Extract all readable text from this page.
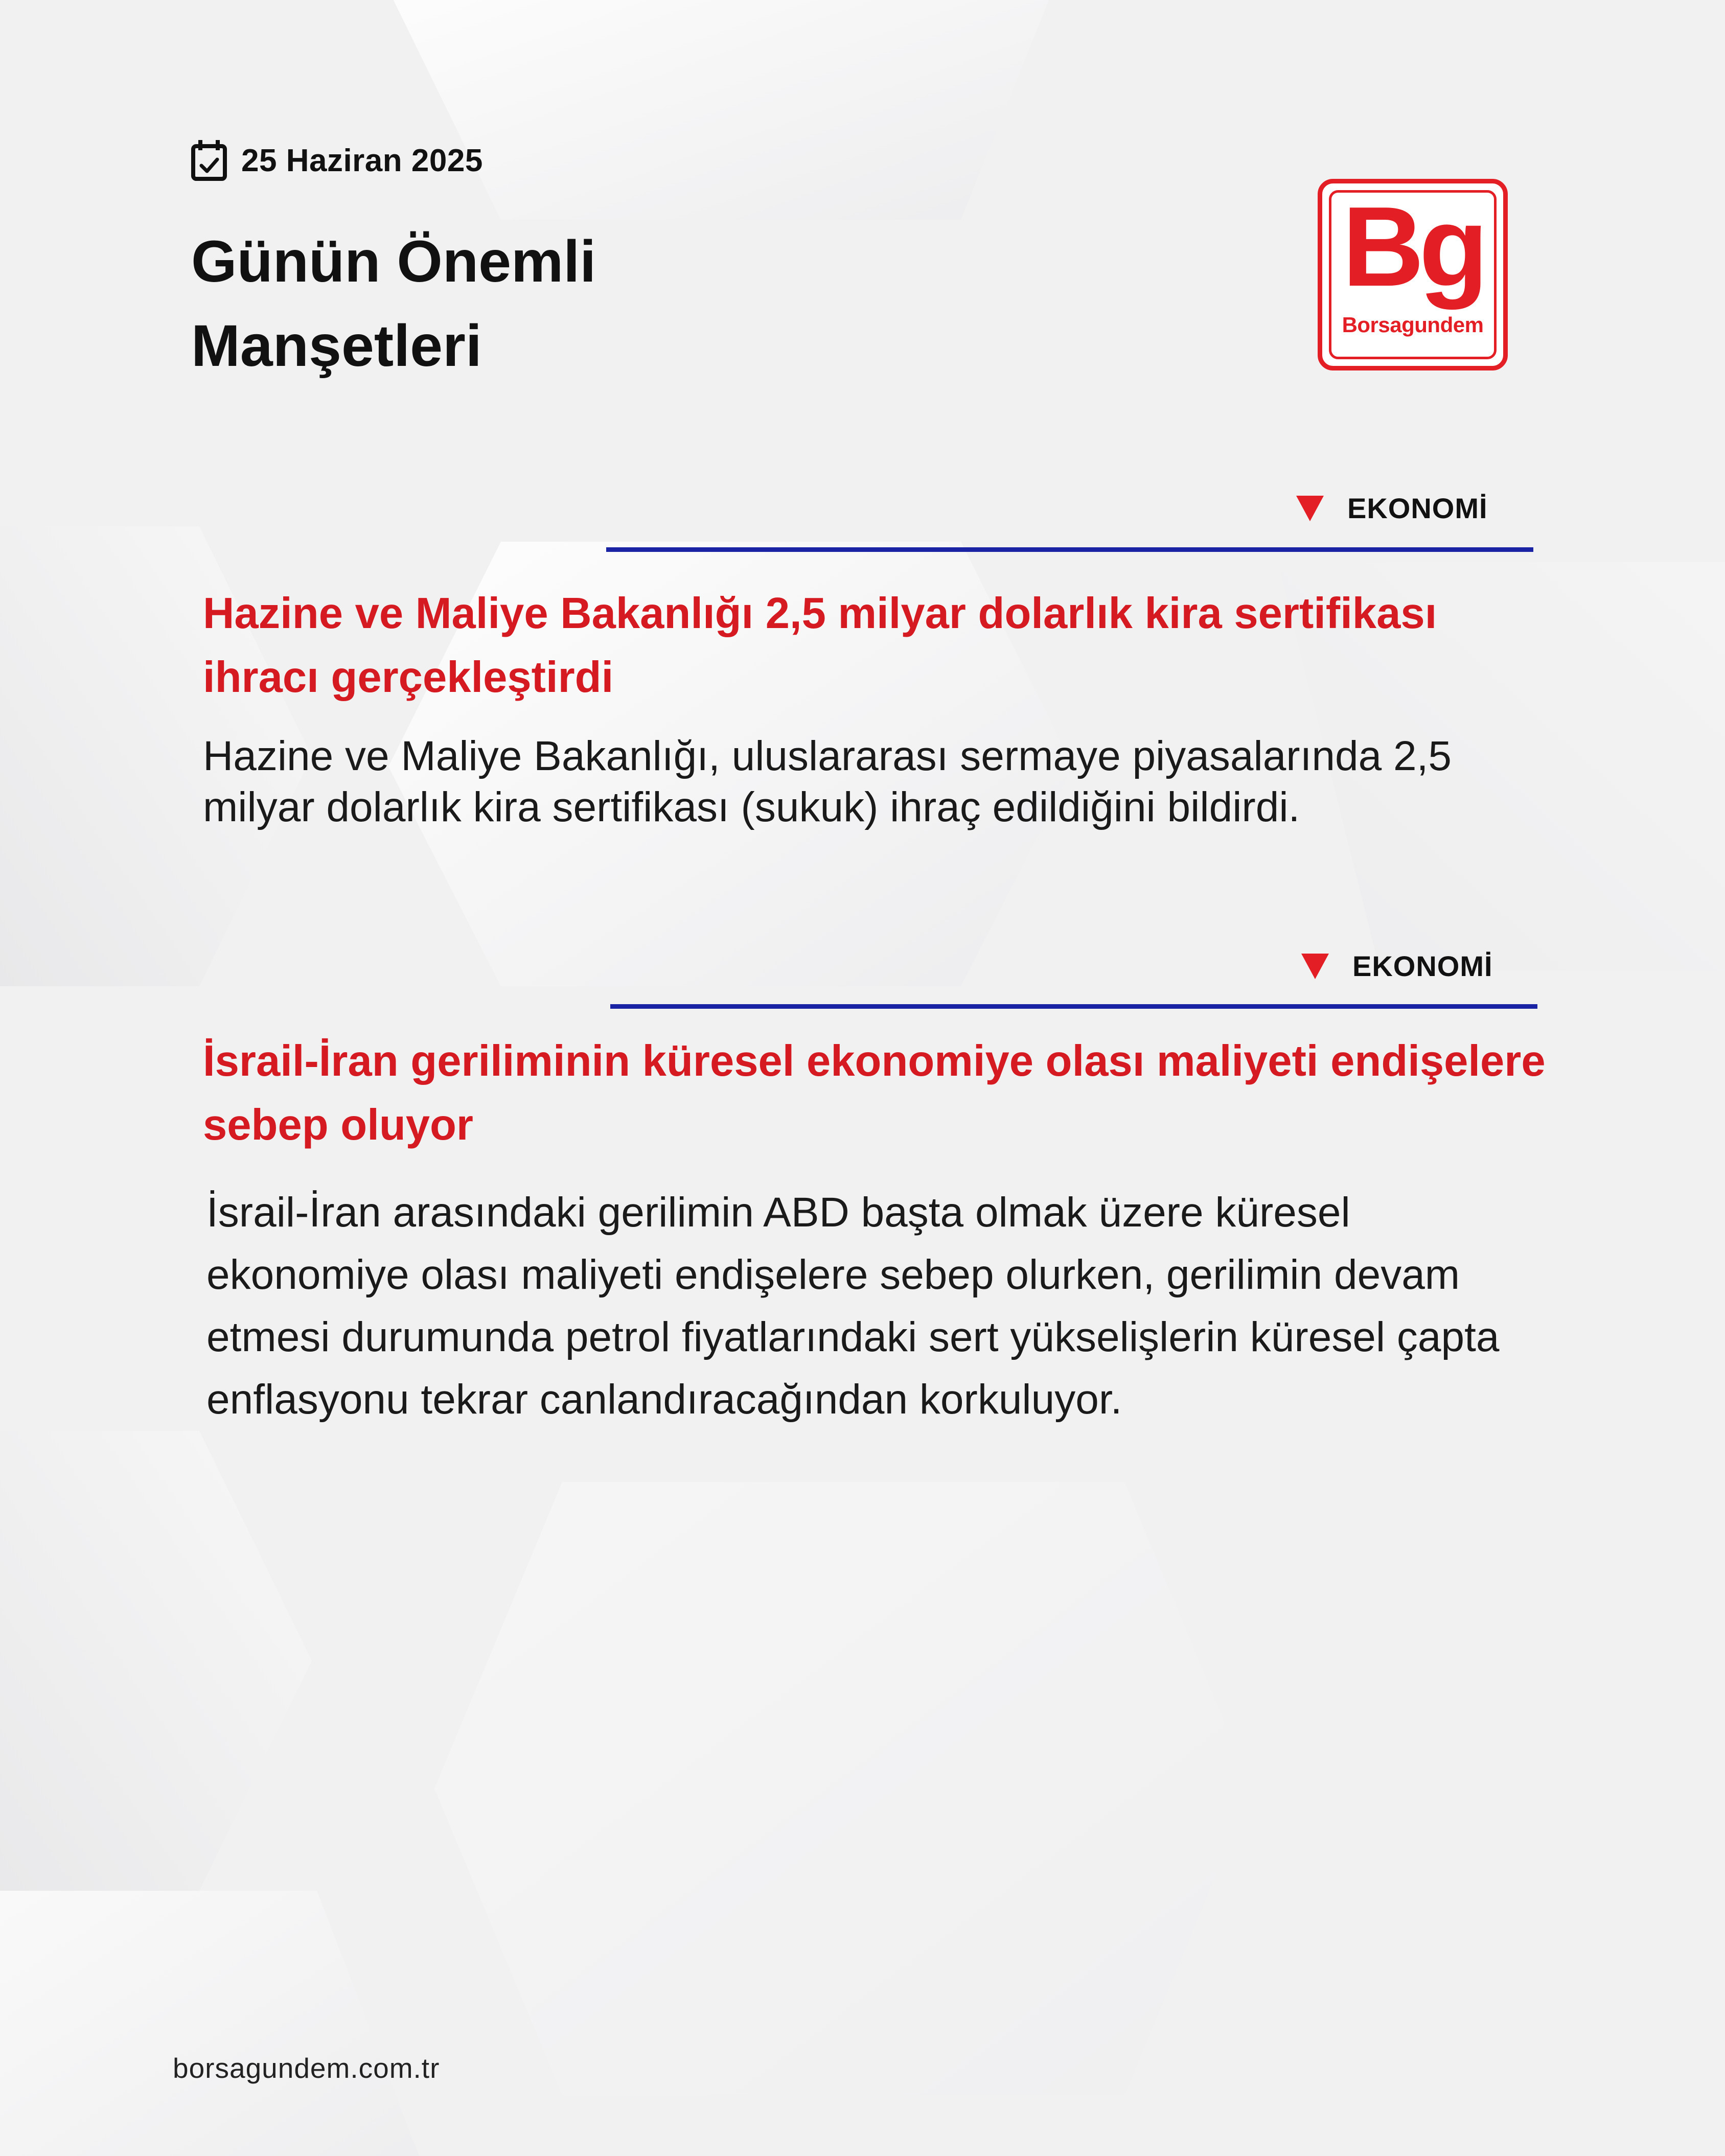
25 Haziran 2025
Günün Önemli Manşetleri
Bg
Borsagundem
EKONOMİ
Hazine ve Maliye Bakanlığı 2,5 milyar dolarlık kira sertifikası ihracı gerçekleştirdi

Hazine ve Maliye Bakanlığı, uluslararası sermaye piyasalarında 2,5 milyar dolarlık kira sertifikası (sukuk) ihraç edildiğini bildirdi.

EKONOMİ
İsrail-İran geriliminin küresel ekonomiye olası maliyeti endişelere sebep oluyor

İsrail-İran arasındaki gerilimin ABD başta olmak üzere küresel ekonomiye olası maliyeti endişelere sebep olurken, gerilimin devam etmesi durumunda petrol fiyatlarındaki sert yükselişlerin küresel çapta enflasyonu tekrar canlandıracağından korkuluyor.

borsagundem.com.tr
